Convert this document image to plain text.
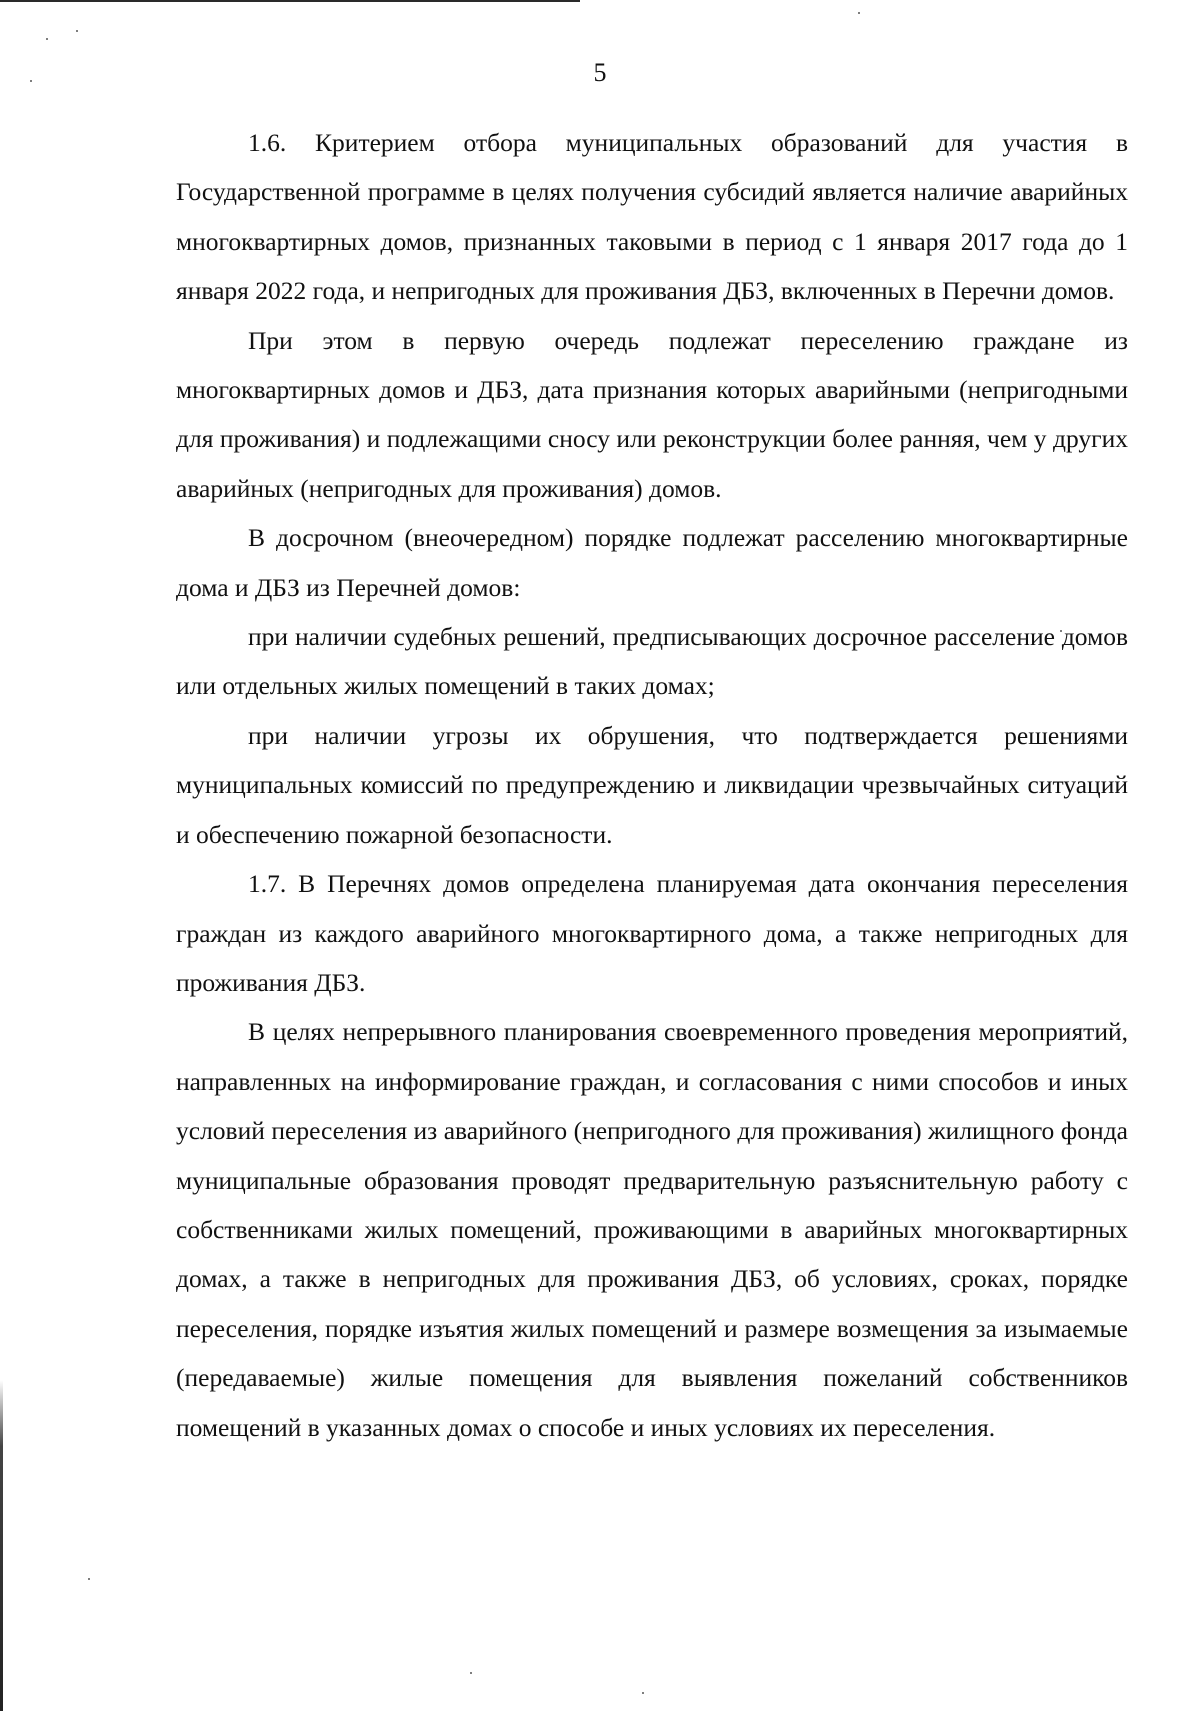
5

1.6. Критерием отбора муниципальных образований для участия в Государственной программе в целях получения субсидий является наличие аварийных многоквартирных домов, признанных таковыми в период с 1 января 2017 года до 1 января 2022 года, и непригодных для проживания ДБЗ, включенных в Перечни домов.

При этом в первую очередь подлежат переселению граждане из многоквартирных домов и ДБЗ, дата признания которых аварийными (непригодными для проживания) и подлежащими сносу или реконструкции более ранняя, чем у других аварийных (непригодных для проживания) домов.

В досрочном (внеочередном) порядке подлежат расселению многоквартирные дома и ДБЗ из Перечней домов:

при наличии судебных решений, предписывающих досрочное расселение домов или отдельных жилых помещений в таких домах;

при наличии угрозы их обрушения, что подтверждается решениями муниципальных комиссий по предупреждению и ликвидации чрезвычайных ситуаций и обеспечению пожарной безопасности.

1.7. В Перечнях домов определена планируемая дата окончания переселения граждан из каждого аварийного многоквартирного дома, а также непригодных для проживания ДБЗ.

В целях непрерывного планирования своевременного проведения мероприятий, направленных на информирование граждан, и согласования с ними способов и иных условий переселения из аварийного (непригодного для проживания) жилищного фонда муниципальные образования проводят предварительную разъяснительную работу с собственниками жилых помещений, проживающими в аварийных многоквартирных домах, а также в непригодных для проживания ДБЗ, об условиях, сроках, порядке переселения, порядке изъятия жилых помещений и размере возмещения за изымаемые (передаваемые) жилые помещения для выявления пожеланий собственников помещений в указанных домах о способе и иных условиях их переселения.
